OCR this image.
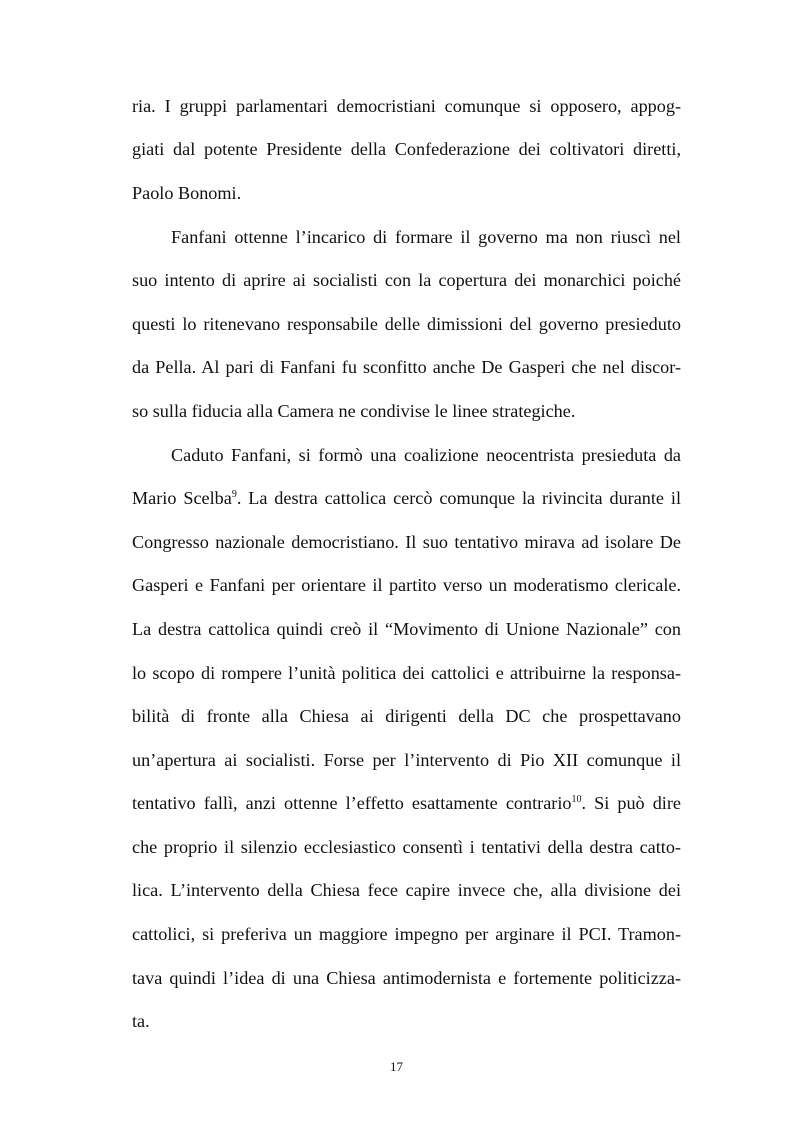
ria. I gruppi parlamentari democristiani comunque si opposero, appog-
giati dal potente Presidente della Confederazione dei coltivatori diretti,
Paolo Bonomi.
Fanfani ottenne l’incarico di formare il governo ma non riuscì nel
suo intento di aprire ai socialisti con la copertura dei monarchici poiché
questi lo ritenevano responsabile delle dimissioni del governo presieduto
da Pella. Al pari di Fanfani fu sconfitto anche De Gasperi che nel discor-
so sulla fiducia alla Camera ne condivise le linee strategiche.
Caduto Fanfani, si formò una coalizione neocentrista presieduta da
Mario Scelba$^9$. La destra cattolica cercò comunque la rivincita durante il
Congresso nazionale democristiano. Il suo tentativo mirava ad isolare De
Gasperi e Fanfani per orientare il partito verso un moderatismo clericale.
La destra cattolica quindi creò il “Movimento di Unione Nazionale” con
lo scopo di rompere l’unità politica dei cattolici e attribuirne la responsa-
bilità di fronte alla Chiesa ai dirigenti della DC che prospettavano
un’apertura ai socialisti. Forse per l’intervento di Pio XII comunque il
tentativo fallì, anzi ottenne l’effetto esattamente contrario$^{10}$. Si può dire
che proprio il silenzio ecclesiastico consentì i tentativi della destra catto-
lica. L’intervento della Chiesa fece capire invece che, alla divisione dei
cattolici, si preferiva un maggiore impegno per arginare il PCI. Tramon-
tava quindi l’idea di una Chiesa antimodernista e fortemente politicizza-
ta.
17
